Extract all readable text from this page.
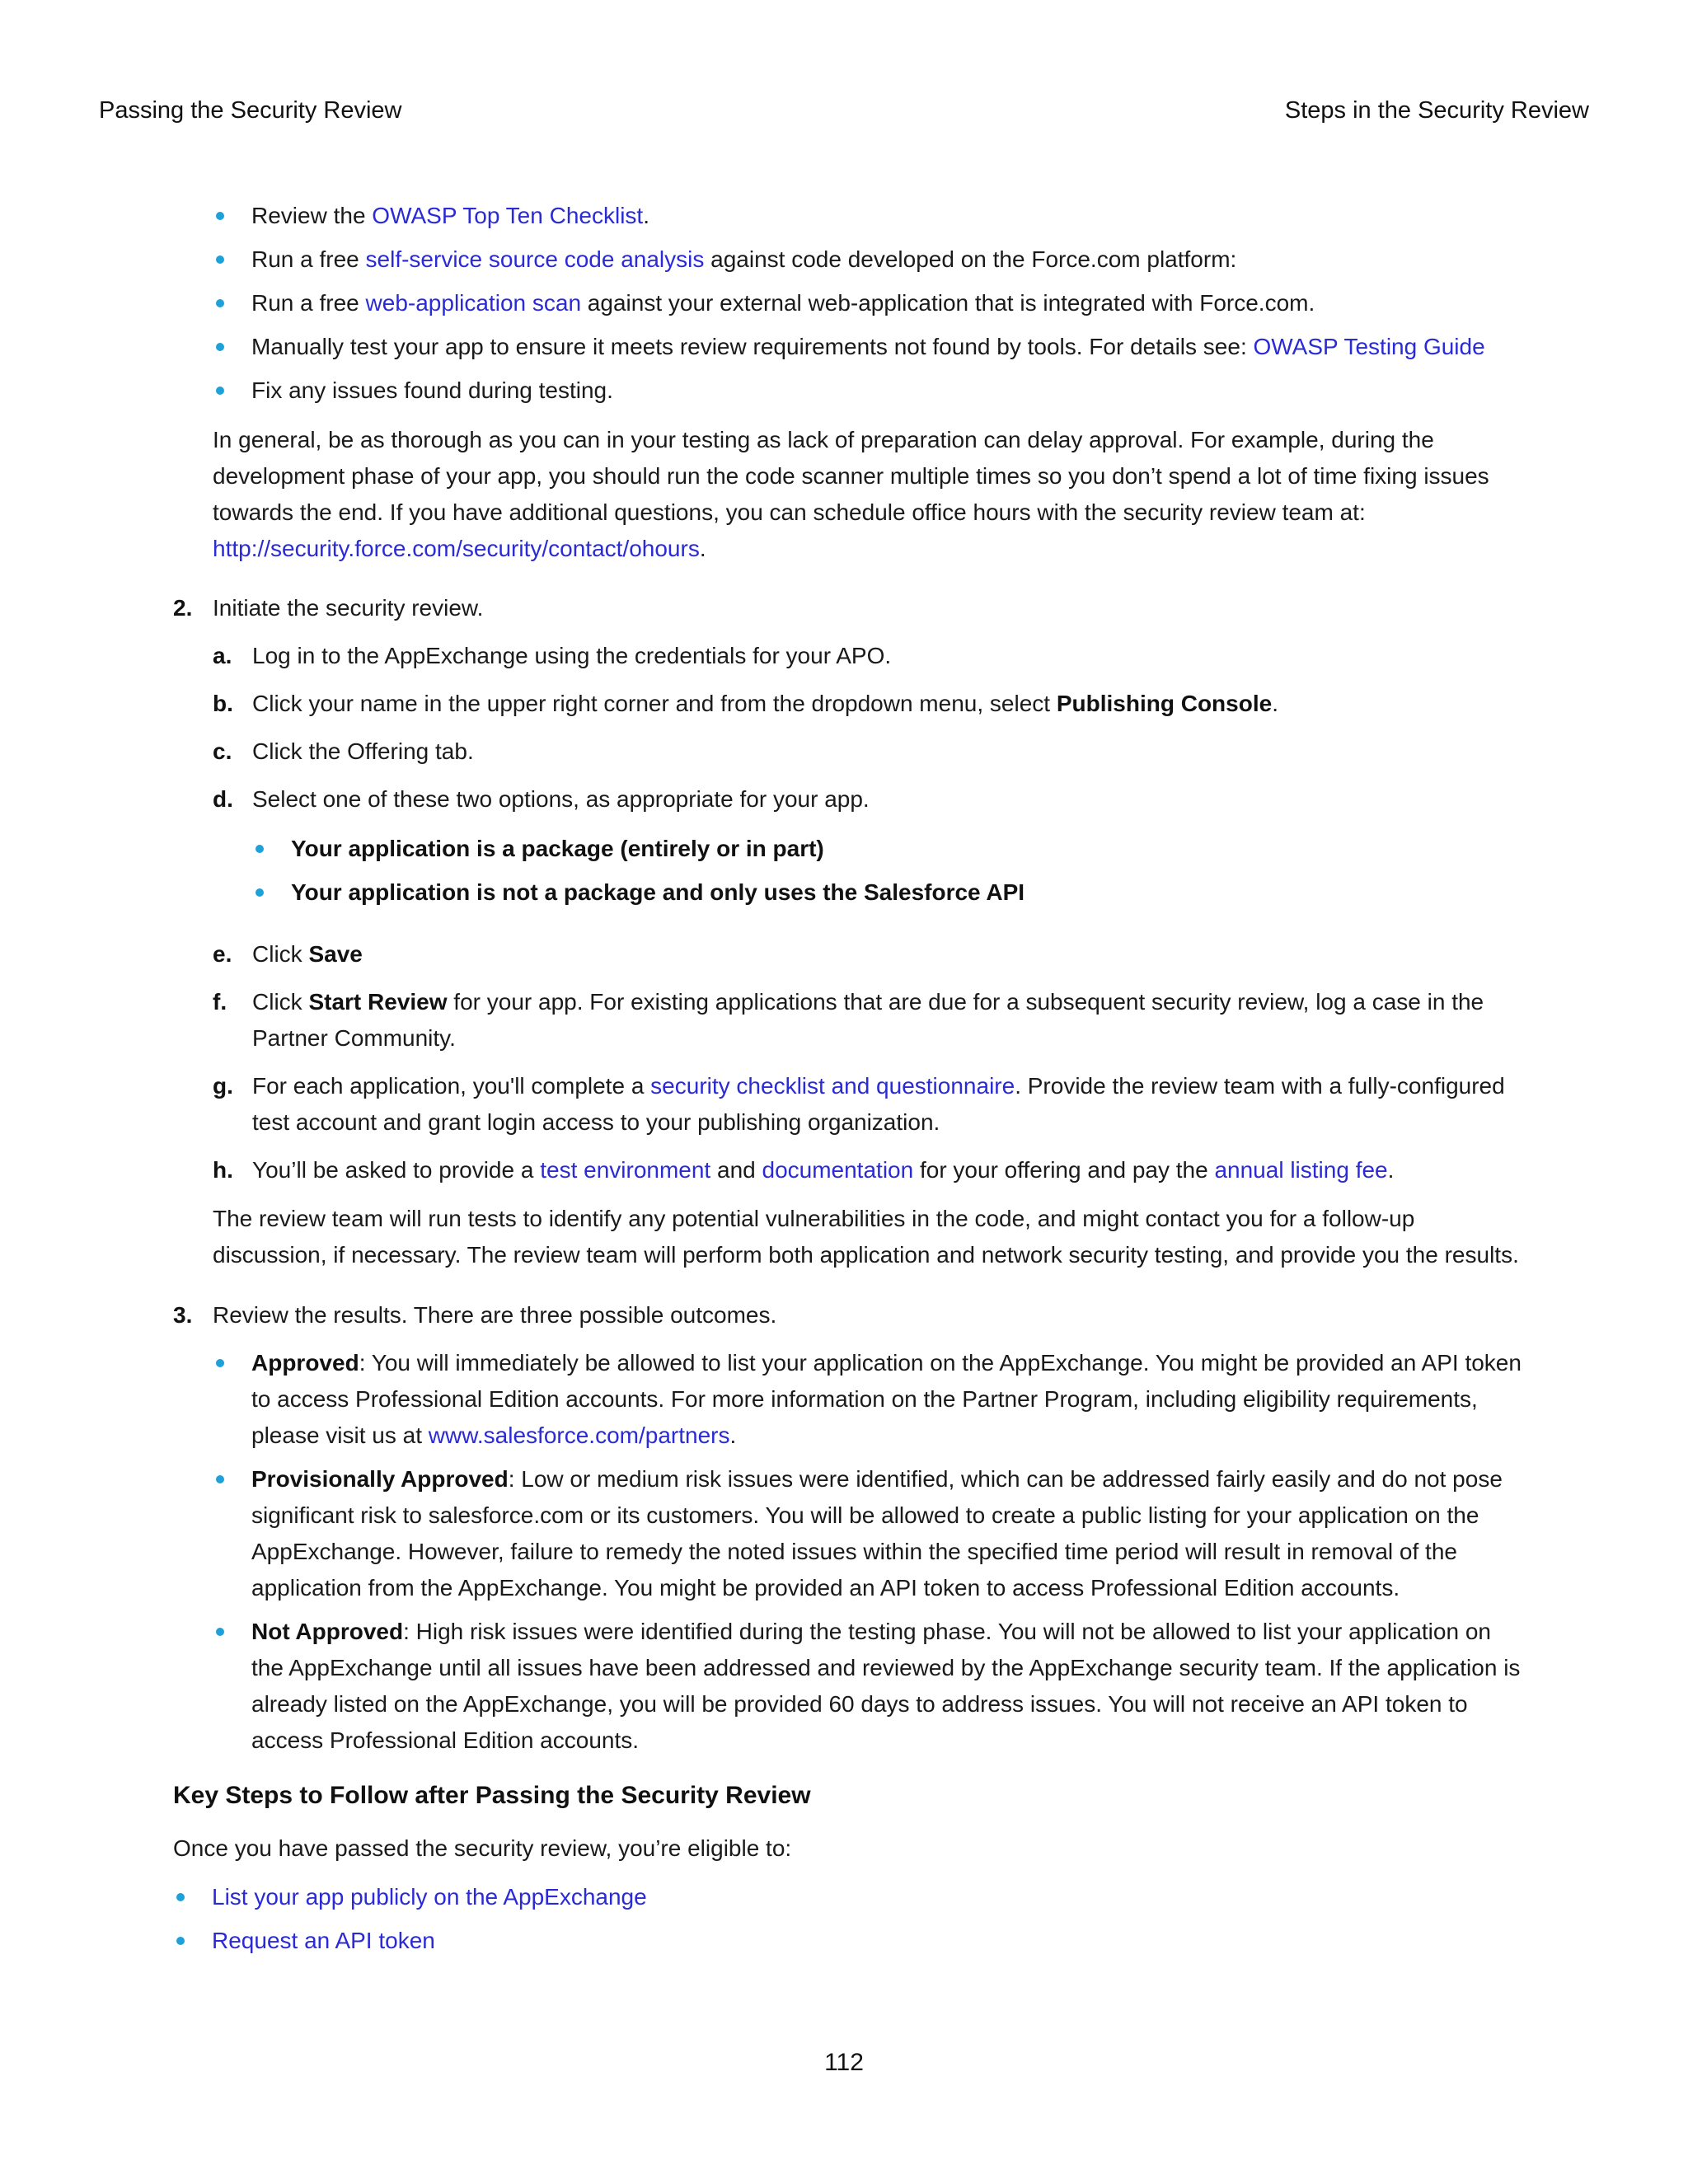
Passing the Security Review	Steps in the Security Review
Review the OWASP Top Ten Checklist.
Run a free self-service source code analysis against code developed on the Force.com platform:
Run a free web-application scan against your external web-application that is integrated with Force.com.
Manually test your app to ensure it meets review requirements not found by tools. For details see: OWASP Testing Guide
Fix any issues found during testing.
In general, be as thorough as you can in your testing as lack of preparation can delay approval. For example, during the development phase of your app, you should run the code scanner multiple times so you don’t spend a lot of time fixing issues towards the end. If you have additional questions, you can schedule office hours with the security review team at:
http://security.force.com/security/contact/ohours.
2. Initiate the security review.
a. Log in to the AppExchange using the credentials for your APO.
b. Click your name in the upper right corner and from the dropdown menu, select Publishing Console.
c. Click the Offering tab.
d. Select one of these two options, as appropriate for your app.
Your application is a package (entirely or in part)
Your application is not a package and only uses the Salesforce API
e. Click Save
f. Click Start Review for your app. For existing applications that are due for a subsequent security review, log a case in the Partner Community.
g. For each application, you'll complete a security checklist and questionnaire. Provide the review team with a fully-configured test account and grant login access to your publishing organization.
h. You’ll be asked to provide a test environment and documentation for your offering and pay the annual listing fee.
The review team will run tests to identify any potential vulnerabilities in the code, and might contact you for a follow-up discussion, if necessary. The review team will perform both application and network security testing, and provide you the results.
3. Review the results. There are three possible outcomes.
Approved: You will immediately be allowed to list your application on the AppExchange. You might be provided an API token to access Professional Edition accounts. For more information on the Partner Program, including eligibility requirements, please visit us at www.salesforce.com/partners.
Provisionally Approved: Low or medium risk issues were identified, which can be addressed fairly easily and do not pose significant risk to salesforce.com or its customers. You will be allowed to create a public listing for your application on the AppExchange. However, failure to remedy the noted issues within the specified time period will result in removal of the application from the AppExchange. You might be provided an API token to access Professional Edition accounts.
Not Approved: High risk issues were identified during the testing phase. You will not be allowed to list your application on the AppExchange until all issues have been addressed and reviewed by the AppExchange security team. If the application is already listed on the AppExchange, you will be provided 60 days to address issues. You will not receive an API token to access Professional Edition accounts.
Key Steps to Follow after Passing the Security Review
Once you have passed the security review, you’re eligible to:
List your app publicly on the AppExchange
Request an API token
112
